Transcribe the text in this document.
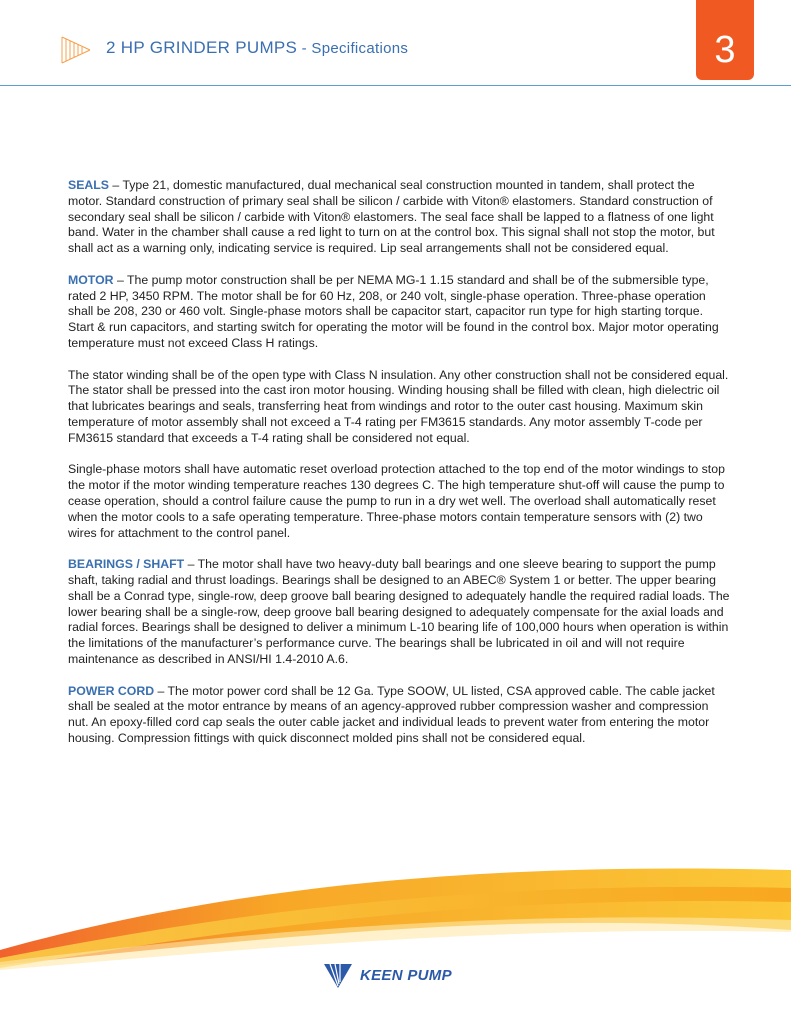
2 HP GRINDER PUMPS - Specifications	3

SEALS – Type 21, domestic manufactured, dual mechanical seal construction mounted in tandem, shall protect the motor. Standard construction of primary seal shall be silicon / carbide with Viton® elastomers. Standard construction of secondary seal shall be silicon / carbide with Viton® elastomers. The seal face shall be lapped to a flatness of one light band. Water in the chamber shall cause a red light to turn on at the control box. This signal shall not stop the motor, but shall act as a warning only, indicating service is required. Lip seal arrangements shall not be considered equal.

MOTOR – The pump motor construction shall be per NEMA MG-1 1.15 standard and shall be of the submersible type, rated 2 HP, 3450 RPM. The motor shall be for 60 Hz, 208, or 240 volt, single-phase operation. Three-phase operation shall be 208, 230 or 460 volt. Single-phase motors shall be capacitor start, capacitor run type for high starting torque. Start & run capacitors, and starting switch for operating the motor will be found in the control box. Major motor operating temperature must not exceed Class H ratings.

The stator winding shall be of the open type with Class N insulation. Any other construction shall not be considered equal. The stator shall be pressed into the cast iron motor housing. Winding housing shall be filled with clean, high dielectric oil that lubricates bearings and seals, transferring heat from windings and rotor to the outer cast housing. Maximum skin temperature of motor assembly shall not exceed a T-4 rating per FM3615 standards. Any motor assembly T-code per FM3615 standard that exceeds a T-4 rating shall be considered not equal.

Single-phase motors shall have automatic reset overload protection attached to the top end of the motor windings to stop the motor if the motor winding temperature reaches 130 degrees C. The high temperature shut-off will cause the pump to cease operation, should a control failure cause the pump to run in a dry wet well. The overload shall automatically reset when the motor cools to a safe operating temperature. Three-phase motors contain temperature sensors with (2) two wires for attachment to the control panel.

BEARINGS / SHAFT – The motor shall have two heavy-duty ball bearings and one sleeve bearing to support the pump shaft, taking radial and thrust loadings. Bearings shall be designed to an ABEC® System 1 or better. The upper bearing shall be a Conrad type, single-row, deep groove ball bearing designed to adequately handle the required radial loads. The lower bearing shall be a single-row, deep groove ball bearing designed to adequately compensate for the axial loads and radial forces. Bearings shall be designed to deliver a minimum L-10 bearing life of 100,000 hours when operation is within the limitations of the manufacturer’s performance curve. The bearings shall be lubricated in oil and will not require maintenance as described in ANSI/HI 1.4-2010 A.6.

POWER CORD – The motor power cord shall be 12 Ga. Type SOOW, UL listed, CSA approved cable. The cable jacket shall be sealed at the motor entrance by means of an agency-approved rubber compression washer and compression nut. An epoxy-filled cord cap seals the outer cable jacket and individual leads to prevent water from entering the motor housing. Compression fittings with quick disconnect molded pins shall not be considered equal.

KEEN PUMP
